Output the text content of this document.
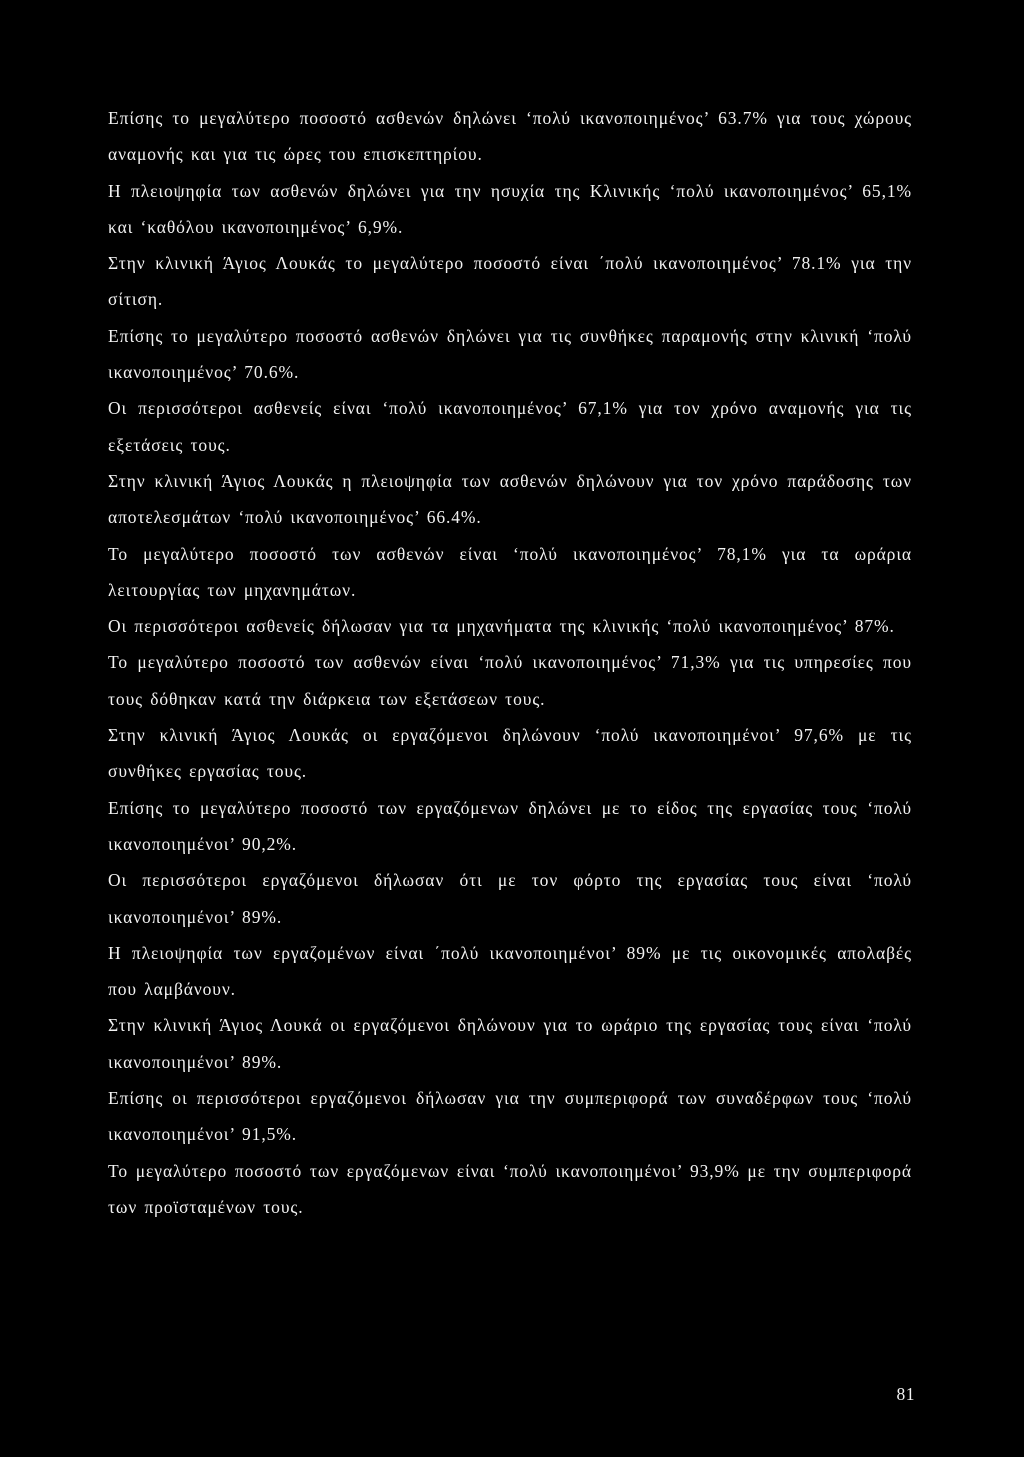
Επίσης το μεγαλύτερο ποσοστό ασθενών δηλώνει ‘πολύ ικανοποιημένος’ 63.7% για τους χώρους αναμονής και για τις ώρες του επισκεπτηρίου.

Η πλειοψηφία των ασθενών δηλώνει για την ησυχία της Κλινικής ‘πολύ ικανοποιημένος’ 65,1% και ‘καθόλου ικανοποιημένος’ 6,9%.

Στην κλινική Άγιος Λουκάς το μεγαλύτερο ποσοστό είναι ΄πολύ ικανοποιημένος’ 78.1% για την σίτιση.

Επίσης το μεγαλύτερο ποσοστό ασθενών δηλώνει για τις συνθήκες παραμονής στην κλινική ‘πολύ ικανοποιημένος’ 70.6%.

Οι περισσότεροι ασθενείς είναι ‘πολύ ικανοποιημένος’ 67,1% για τον χρόνο αναμονής για τις εξετάσεις τους.

Στην κλινική Άγιος Λουκάς η πλειοψηφία των ασθενών δηλώνουν για τον χρόνο παράδοσης των αποτελεσμάτων ‘πολύ ικανοποιημένος’ 66.4%.

Το μεγαλύτερο ποσοστό των ασθενών είναι ‘πολύ ικανοποιημένος’ 78,1% για τα ωράρια λειτουργίας των μηχανημάτων.

Οι περισσότεροι ασθενείς δήλωσαν για τα μηχανήματα της κλινικής ‘πολύ ικανοποιημένος’ 87%.

Το μεγαλύτερο ποσοστό των ασθενών είναι ‘πολύ ικανοποιημένος’ 71,3% για τις υπηρεσίες που τους δόθηκαν κατά την διάρκεια των εξετάσεων τους.

Στην κλινική Άγιος Λουκάς οι εργαζόμενοι δηλώνουν ‘πολύ ικανοποιημένοι’ 97,6% με τις συνθήκες εργασίας τους.

Επίσης το μεγαλύτερο ποσοστό των εργαζόμενων δηλώνει με το είδος της εργασίας τους ‘πολύ ικανοποιημένοι’ 90,2%.

Οι περισσότεροι εργαζόμενοι δήλωσαν ότι με τον φόρτο της εργασίας τους είναι ‘πολύ ικανοποιημένοι’ 89%.

Η πλειοψηφία των εργαζομένων είναι ΄πολύ ικανοποιημένοι’ 89% με τις οικονομικές απολαβές που λαμβάνουν.

Στην κλινική Άγιος Λουκά οι εργαζόμενοι δηλώνουν για το ωράριο της εργασίας τους είναι ‘πολύ ικανοποιημένοι’ 89%.

Επίσης οι περισσότεροι εργαζόμενοι δήλωσαν για την συμπεριφορά των συναδέρφων τους ‘πολύ ικανοποιημένοι’ 91,5%.

Το μεγαλύτερο ποσοστό των εργαζόμενων είναι ‘πολύ ικανοποιημένοι’ 93,9% με την συμπεριφορά των προϊσταμένων τους.

81
